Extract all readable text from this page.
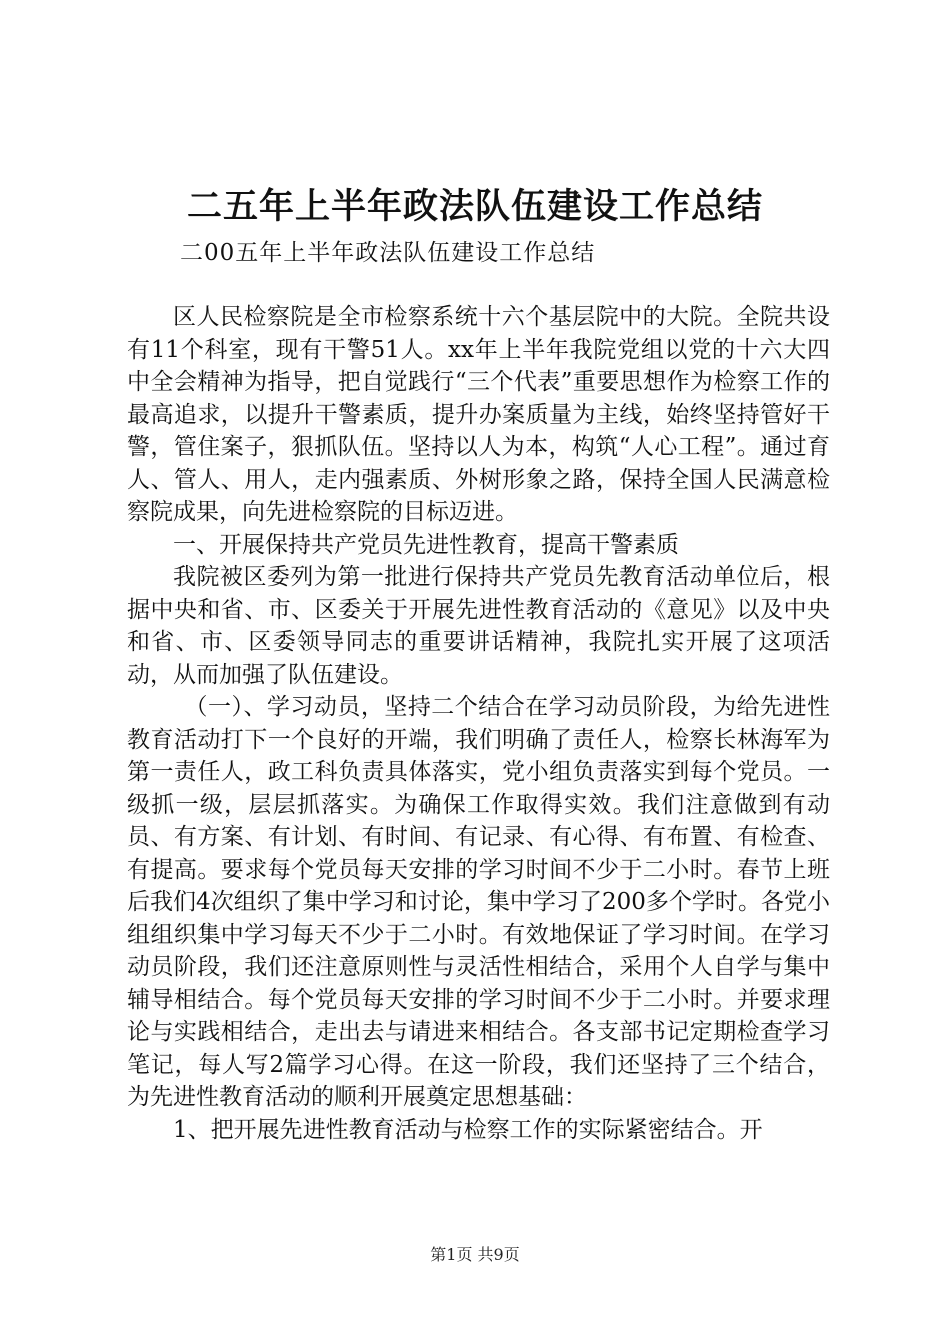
二五年上半年政法队伍建设工作总结
二00五年上半年政法队伍建设工作总结

区人民检察院是全市检察系统十六个基层院中的大院。全院共设有11个科室，现有干警51人。xx年上半年我院党组以党的十六大四中全会精神为指导，把自觉践行“三个代表”重要思想作为检察工作的最高追求，以提升干警素质，提升办案质量为主线，始终坚持管好干警，管住案子，狠抓队伍。坚持以人为本，构筑“人心工程”。通过育人、管人、用人，走内强素质、外树形象之路，保持全国人民满意检察院成果，向先进检察院的目标迈进。

一、开展保持共产党员先进性教育，提高干警素质

我院被区委列为第一批进行保持共产党员先教育活动单位后，根据中央和省、市、区委关于开展先进性教育活动的《意见》以及中央和省、市、区委领导同志的重要讲话精神，我院扎实开展了这项活动，从而加强了队伍建设。

（一）、学习动员，坚持二个结合在学习动员阶段，为给先进性教育活动打下一个良好的开端，我们明确了责任人，检察长林海军为第一责任人，政工科负责具体落实，党小组负责落实到每个党员。一级抓一级，层层抓落实。为确保工作取得实效。我们注意做到有动员、有方案、有计划、有时间、有记录、有心得、有布置、有检查、有提高。要求每个党员每天安排的学习时间不少于二小时。春节上班后我们4次组织了集中学习和讨论，集中学习了200多个学时。各党小组组织集中学习每天不少于二小时。有效地保证了学习时间。在学习动员阶段，我们还注意原则性与灵活性相结合，采用个人自学与集中辅导相结合。每个党员每天安排的学习时间不少于二小时。并要求理论与实践相结合，走出去与请进来相结合。各支部书记定期检查学习笔记，每人写2篇学习心得。在这一阶段，我们还坚持了三个结合，为先进性教育活动的顺利开展奠定思想基础：

1、把开展先进性教育活动与检察工作的实际紧密结合。开

第1页 共9页
